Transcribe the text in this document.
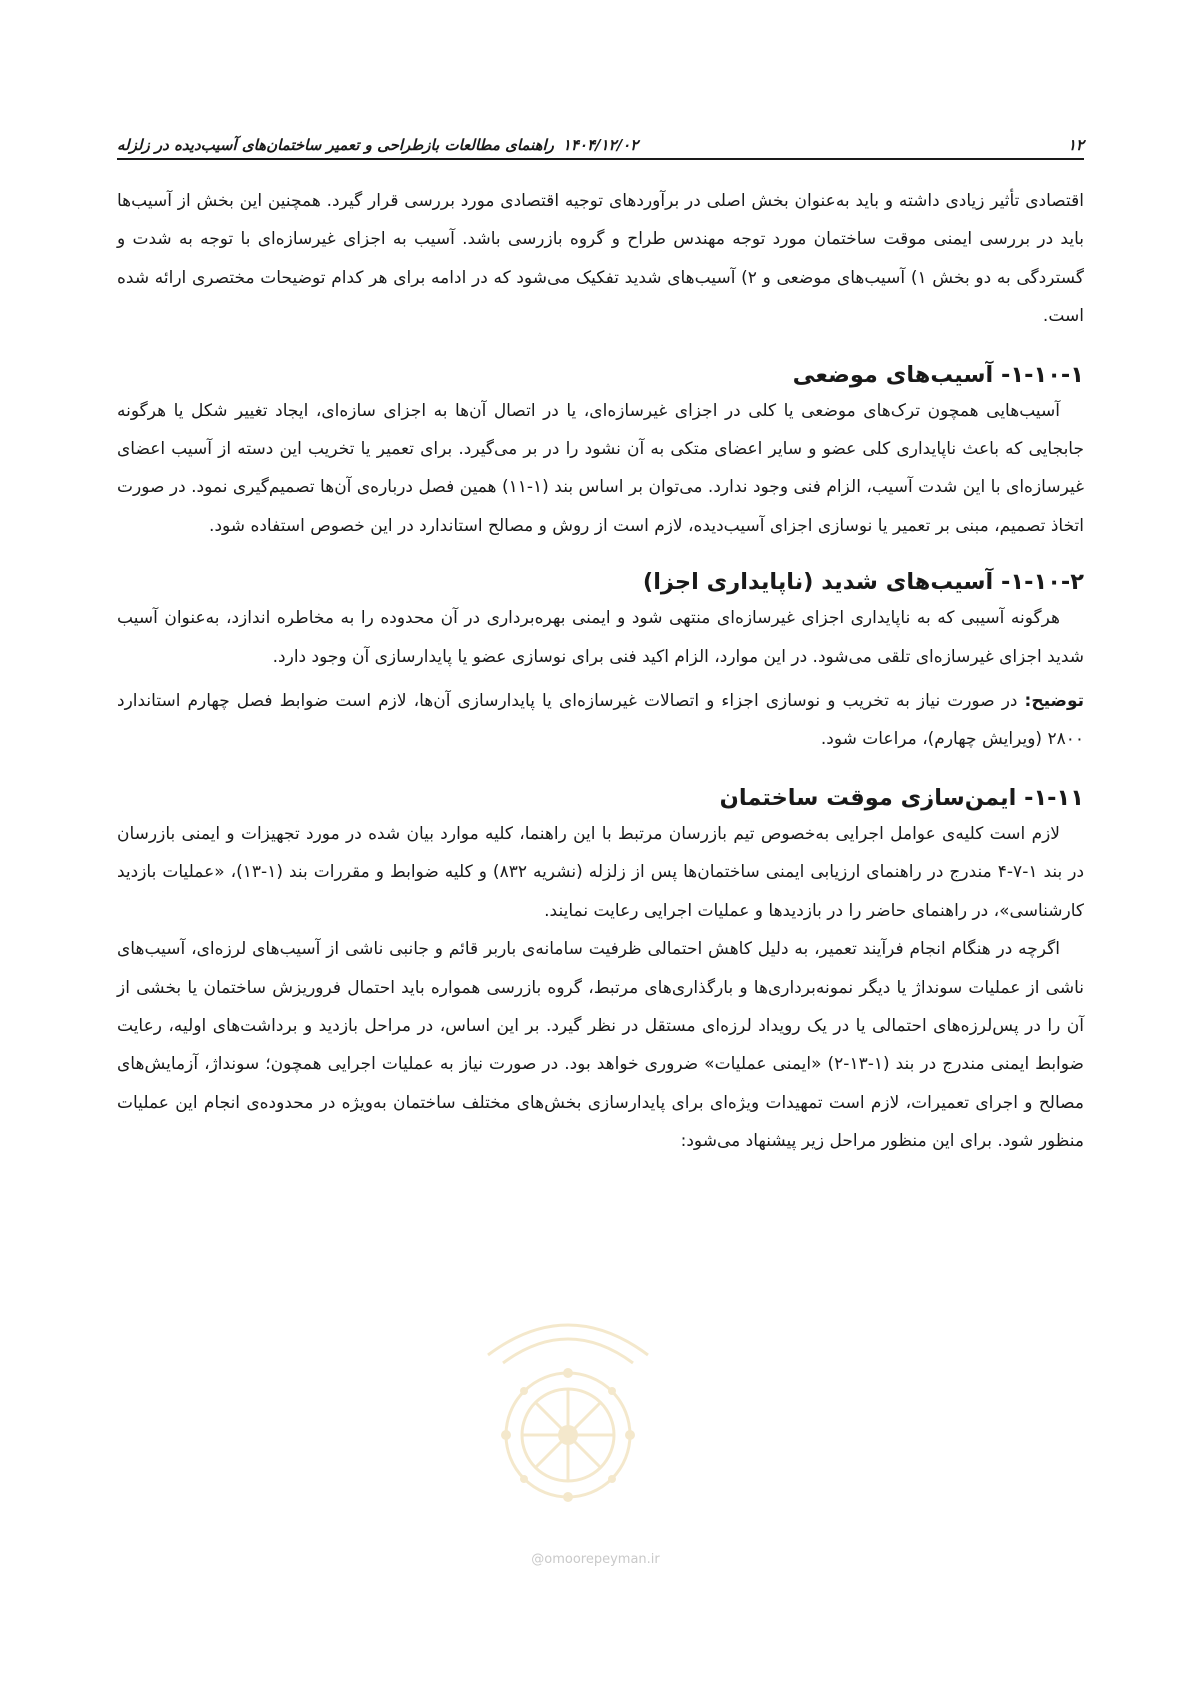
راهنمای مطالعات بازطراحی و تعمیر ساختمان‌های آسیب‌دیده در زلزله ۱۴۰۴/۱۲/۰۲	۱۲

اقتصادی تأثیر زیادی داشته و باید به‌عنوان بخش اصلی در برآوردهای توجیه اقتصادی مورد بررسی قرار گیرد. همچنین این بخش از آسیب‌ها باید در بررسی ایمنی موقت ساختمان مورد توجه مهندس طراح و گروه بازرسی باشد. آسیب به اجزای غیرسازه‌ای با توجه به شدت و گستردگی به دو بخش ۱) آسیب‌های موضعی و ۲) آسیب‌های شدید تفکیک می‌شود که در ادامه برای هر کدام توضیحات مختصری ارائه شده است.

۱-۱۰-۱- آسیب‌های موضعی

آسیب‌هایی همچون ترک‌های موضعی یا کلی در اجزای غیرسازه‌ای، یا در اتصال آن‌ها به اجزای سازه‌ای، ایجاد تغییر شکل یا هرگونه جابجایی که باعث ناپایداری کلی عضو و سایر اعضای متکی به آن نشود را در بر می‌گیرد. برای تعمیر یا تخریب این دسته از آسیب اعضای غیرسازه‌ای با این شدت آسیب، الزام فنی وجود ندارد. می‌توان بر اساس بند (۱-۱۱) همین فصل درباره‌ی آن‌ها تصمیم‌گیری نمود. در صورت اتخاذ تصمیم، مبنی بر تعمیر یا نوسازی اجزای آسیب‌دیده، لازم است از روش و مصالح استاندارد در این خصوص استفاده شود.

۱-۱۰-۲- آسیب‌های شدید (ناپایداری اجزا)

هرگونه آسیبی که به ناپایداری اجزای غیرسازه‌ای منتهی شود و ایمنی بهره‌برداری در آن محدوده را به مخاطره اندازد، به‌عنوان آسیب شدید اجزای غیرسازه‌ای تلقی می‌شود. در این موارد، الزام اکید فنی برای نوسازی عضو یا پایدارسازی آن وجود دارد.

توضیح: در صورت نیاز به تخریب و نوسازی اجزاء و اتصالات غیرسازه‌ای یا پایدارسازی آن‌ها، لازم است ضوابط فصل چهارم استاندارد ۲۸۰۰ (ویرایش چهارم)، مراعات شود.

۱-۱۱- ایمن‌سازی موقت ساختمان

لازم است کلیه‌ی عوامل اجرایی به‌خصوص تیم بازرسان مرتبط با این راهنما، کلیه موارد بیان شده در مورد تجهیزات و ایمنی بازرسان در بند ۱-۷-۴ مندرج در راهنمای ارزیابی ایمنی ساختمان‌ها پس از زلزله (نشریه ۸۳۲) و کلیه ضوابط و مقررات بند (۱-۱۳)، «عملیات بازدید کارشناسی»، در راهنمای حاضر را در بازدیدها و عملیات اجرایی رعایت نمایند.

اگرچه در هنگام انجام فرآیند تعمیر، به دلیل کاهش احتمالی ظرفیت سامانه‌ی باربر قائم و جانبی ناشی از آسیب‌های لرزه‌ای، آسیب‌های ناشی از عملیات سونداژ یا دیگر نمونه‌برداری‌ها و بارگذاری‌های مرتبط، گروه بازرسی همواره باید احتمال فروریزش ساختمان یا بخشی از آن را در پس‌لرزه‌های احتمالی یا در یک رویداد لرزه‌ای مستقل در نظر گیرد. بر این اساس، در مراحل بازدید و برداشت‌های اولیه، رعایت ضوابط ایمنی مندرج در بند (۱-۱۳-۲) «ایمنی عملیات» ضروری خواهد بود. در صورت نیاز به عملیات اجرایی همچون؛ سونداژ، آزمایش‌های مصالح و اجرای تعمیرات، لازم است تمهیدات ویژه‌ای برای پایدارسازی بخش‌های مختلف ساختمان به‌ویژه در محدوده‌ی انجام این عملیات منظور شود. برای این منظور مراحل زیر پیشنهاد می‌شود:

@omoorepeyman.ir
